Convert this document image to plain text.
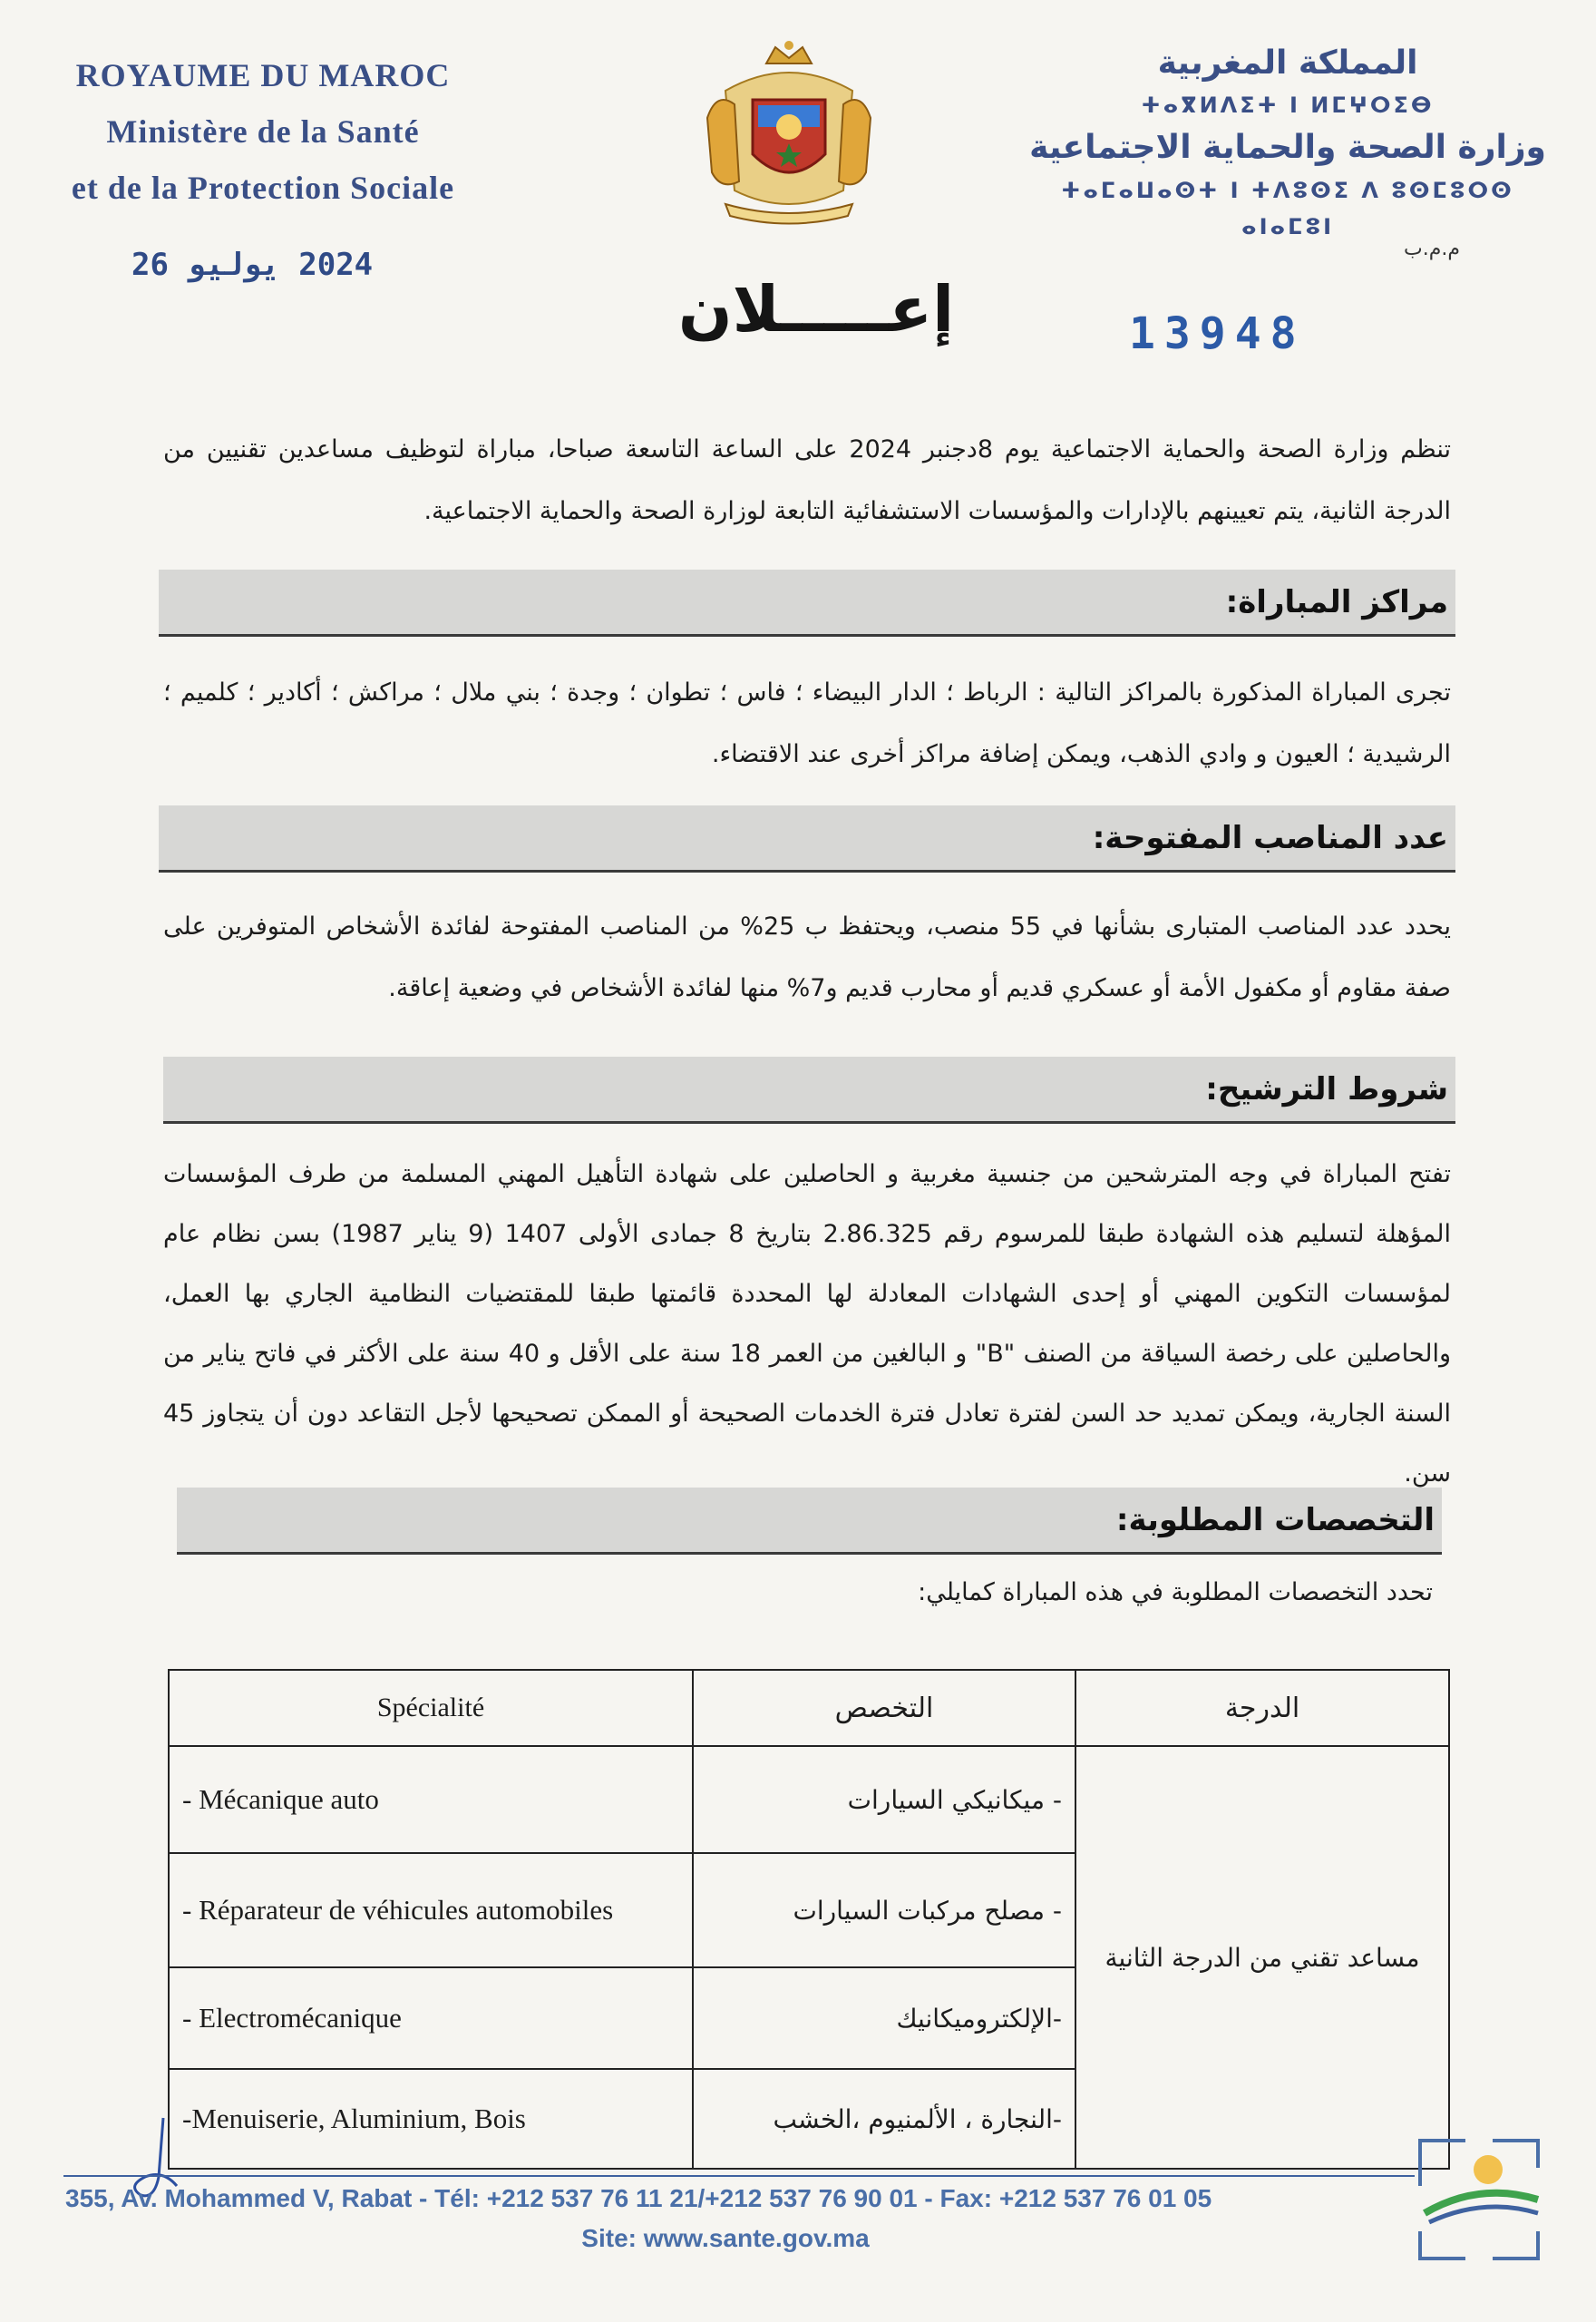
ROYAUME DU MAROC
Ministère de la Santé
et de la Protection Sociale
المملكة المغربية
ⵜⴰⴳⵍⴷⵉⵜ ⵏ ⵍⵎⵖⵔⵉⴱ
وزارة الصحة والحماية الاجتماعية
ⵜⴰⵎⴰⵡⴰⵙⵜ ⵏ ⵜⴷⵓⵙⵉ ⴷ ⵓⵙⵎⵓⵔⵙ ⴰⵏⴰⵎⵓⵏ
م.م.ب
2024 يوليو 26
إعـــــلان	13948
تنظم وزارة الصحة والحماية الاجتماعية يوم 8دجنبر 2024 على الساعة التاسعة صباحا، مباراة لتوظيف مساعدين تقنيين من الدرجة الثانية، يتم تعيينهم بالإدارات والمؤسسات الاستشفائية التابعة لوزارة الصحة والحماية الاجتماعية.
مراكز المباراة:
تجرى المباراة المذكورة بالمراكز التالية : الرباط ؛ الدار البيضاء ؛ فاس ؛ تطوان ؛ وجدة ؛ بني ملال ؛ مراكش ؛ أكادير ؛ كلميم ؛ الرشيدية ؛ العيون و وادي الذهب، ويمكن إضافة مراكز أخرى عند الاقتضاء.
عدد المناصب المفتوحة:
يحدد عدد المناصب المتبارى بشأنها في 55 منصب، ويحتفظ ب 25% من المناصب المفتوحة لفائدة الأشخاص المتوفرين على صفة مقاوم أو مكفول الأمة أو عسكري قديم أو محارب قديم و7% منها لفائدة الأشخاص في وضعية إعاقة.
شروط الترشيح:
تفتح المباراة في وجه المترشحين من جنسية مغربية و الحاصلين على شهادة التأهيل المهني المسلمة من طرف المؤسسات المؤهلة لتسليم هذه الشهادة طبقا للمرسوم رقم 2.86.325 بتاريخ 8 جمادى الأولى 1407 (9 يناير 1987) بسن نظام عام لمؤسسات التكوين المهني أو إحدى الشهادات المعادلة لها المحددة قائمتها طبقا للمقتضيات النظامية الجاري بها العمل، والحاصلين على رخصة السياقة من الصنف "B" و البالغين من العمر 18 سنة على الأقل و 40 سنة على الأكثر في فاتح يناير من السنة الجارية، ويمكن تمديد حد السن لفترة تعادل فترة الخدمات الصحيحة أو الممكن تصحيحها لأجل التقاعد دون أن يتجاوز 45 سن.
التخصصات المطلوبة:
تحدد التخصصات المطلوبة في هذه المباراة كمايلي:
Spécialité	التخصص	الدرجة
- Mécanique auto	- ميكانيكي السيارات	مساعد تقني من الدرجة الثانية
- Réparateur de véhicules automobiles	- مصلح مركبات السيارات	
- Electromécanique	-الإلكتروميكانيك	
-Menuiserie, Aluminium, Bois	-النجارة ، الألمنيوم ،الخشب	
355, Av. Mohammed V, Rabat - Tél: +212 537 76 11 21/+212 537 76 90 01 - Fax: +212 537 76 01 05
Site: www.sante.gov.ma
